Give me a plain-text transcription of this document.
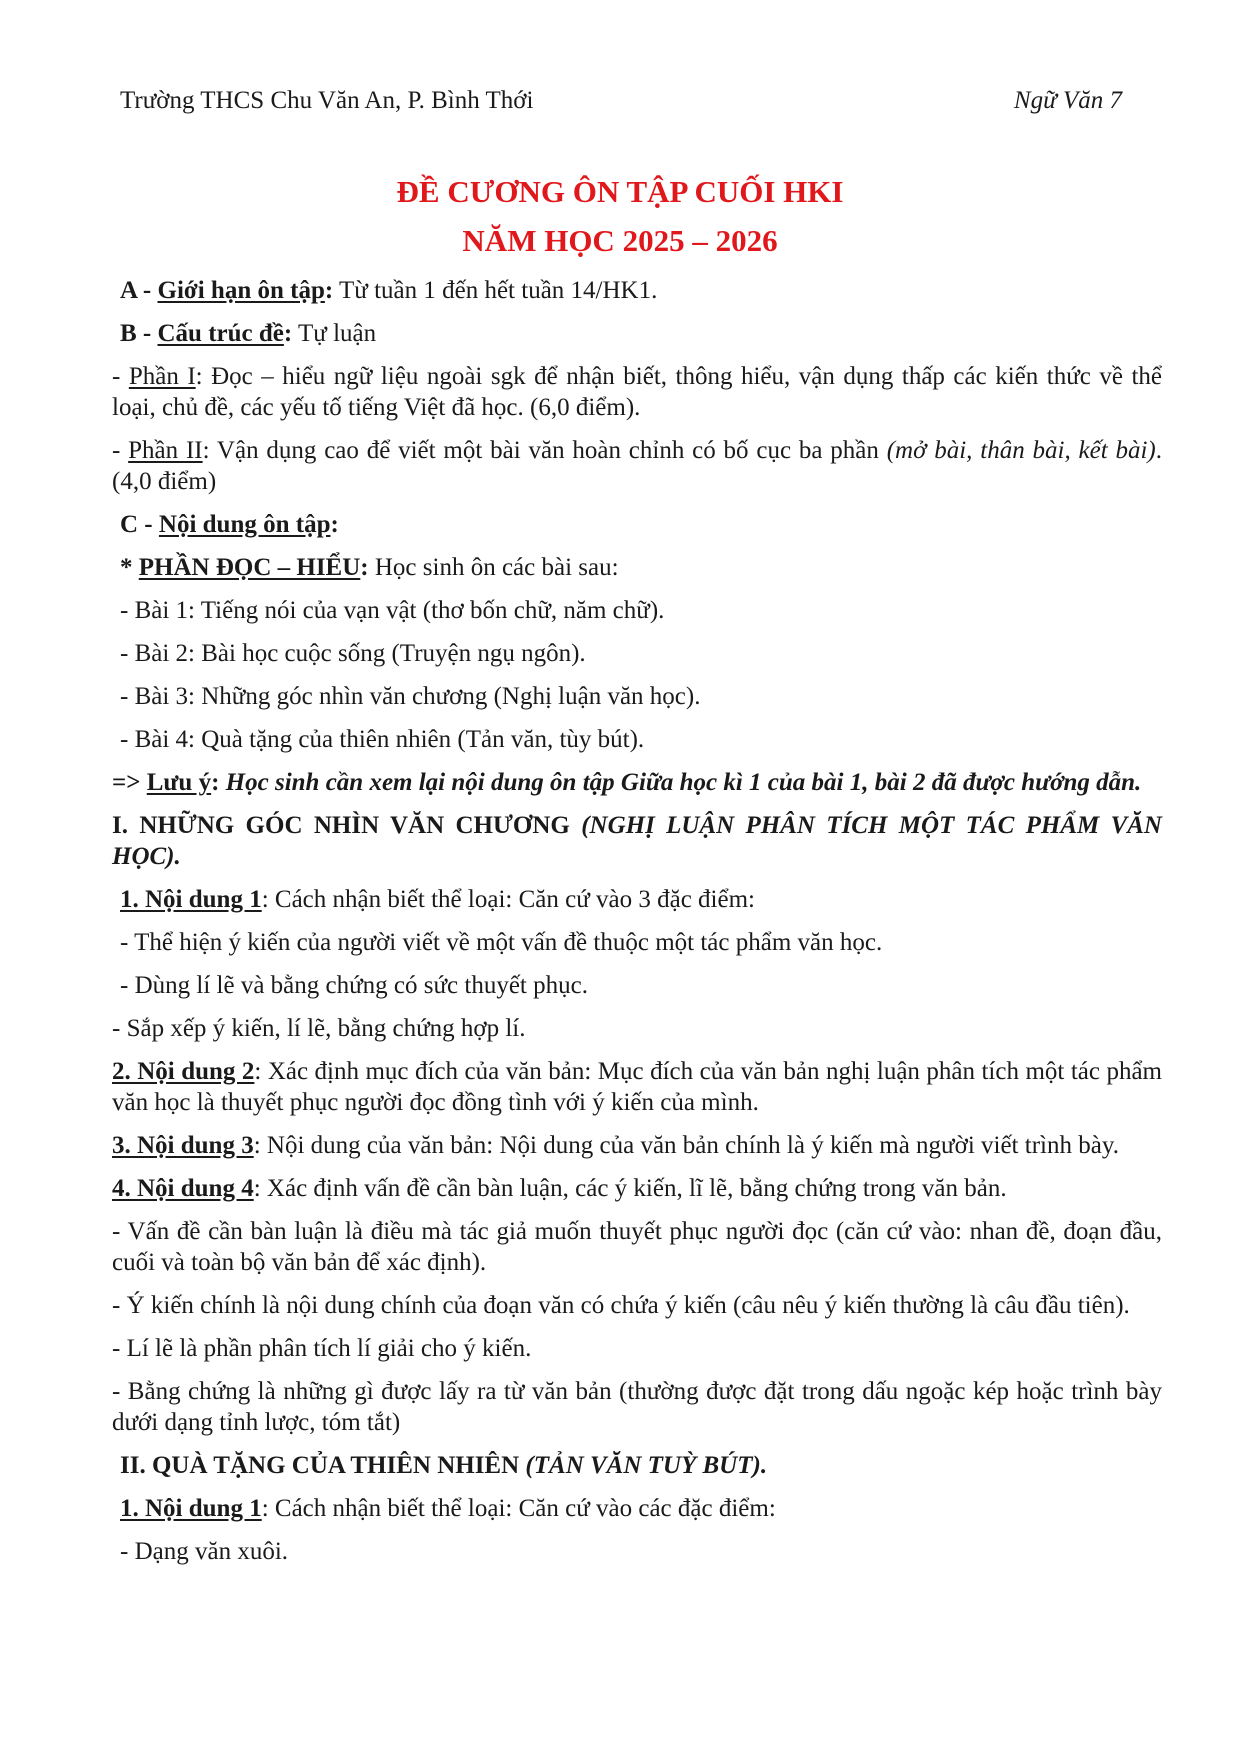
Trường THCS Chu Văn An, P. Bình Thới	Ngữ Văn 7
ĐỀ CƯƠNG ÔN TẬP CUỐI HKI
NĂM HỌC 2025 – 2026

A - Giới hạn ôn tập: Từ tuần 1 đến hết tuần 14/HK1.

B - Cấu trúc đề: Tự luận

- Phần I: Đọc – hiểu ngữ liệu ngoài sgk để nhận biết, thông hiểu, vận dụng thấp các kiến thức về thể loại, chủ đề, các yếu tố tiếng Việt đã học. (6,0 điểm).

- Phần II: Vận dụng cao để viết một bài văn hoàn chỉnh có bố cục ba phần (mở bài, thân bài, kết bài). (4,0 điểm)

C - Nội dung ôn tập:

* PHẦN ĐỌC – HIỂU: Học sinh ôn các bài sau:

- Bài 1: Tiếng nói của vạn vật (thơ bốn chữ, năm chữ).

- Bài 2: Bài học cuộc sống (Truyện ngụ ngôn).

- Bài 3: Những góc nhìn văn chương (Nghị luận văn học).

- Bài 4: Quà tặng của thiên nhiên (Tản văn, tùy bút).

=> Lưu ý: Học sinh cần xem lại nội dung ôn tập Giữa học kì 1 của bài 1, bài 2 đã được hướng dẫn.

I. NHỮNG GÓC NHÌN VĂN CHƯƠNG (NGHỊ LUẬN PHÂN TÍCH MỘT TÁC PHẨM VĂN HỌC).

1. Nội dung 1: Cách nhận biết thể loại: Căn cứ vào 3 đặc điểm:

- Thể hiện ý kiến của người viết về một vấn đề thuộc một tác phẩm văn học.

- Dùng lí lẽ và bằng chứng có sức thuyết phục.

- Sắp xếp ý kiến, lí lẽ, bằng chứng hợp lí.

2. Nội dung 2: Xác định mục đích của văn bản: Mục đích của văn bản nghị luận phân tích một tác phẩm văn học là thuyết phục người đọc đồng tình với ý kiến của mình.

3. Nội dung 3: Nội dung của văn bản: Nội dung của văn bản chính là ý kiến mà người viết trình bày.

4. Nội dung 4: Xác định vấn đề cần bàn luận, các ý kiến, lĩ lẽ, bằng chứng trong văn bản.

- Vấn đề cần bàn luận là điều mà tác giả muốn thuyết phục người đọc (căn cứ vào: nhan đề, đoạn đầu, cuối và toàn bộ văn bản để xác định).

- Ý kiến chính là nội dung chính của đoạn văn có chứa ý kiến (câu nêu ý kiến thường là câu đầu tiên).

- Lí lẽ là phần phân tích lí giải cho ý kiến.

- Bằng chứng là những gì được lấy ra từ văn bản (thường được đặt trong dấu ngoặc kép hoặc trình bày dưới dạng tỉnh lược, tóm tắt)

II. QUÀ TẶNG CỦA THIÊN NHIÊN (TẢN VĂN TUỲ BÚT).

1. Nội dung 1: Cách nhận biết thể loại: Căn cứ vào các đặc điểm:

- Dạng văn xuôi.
